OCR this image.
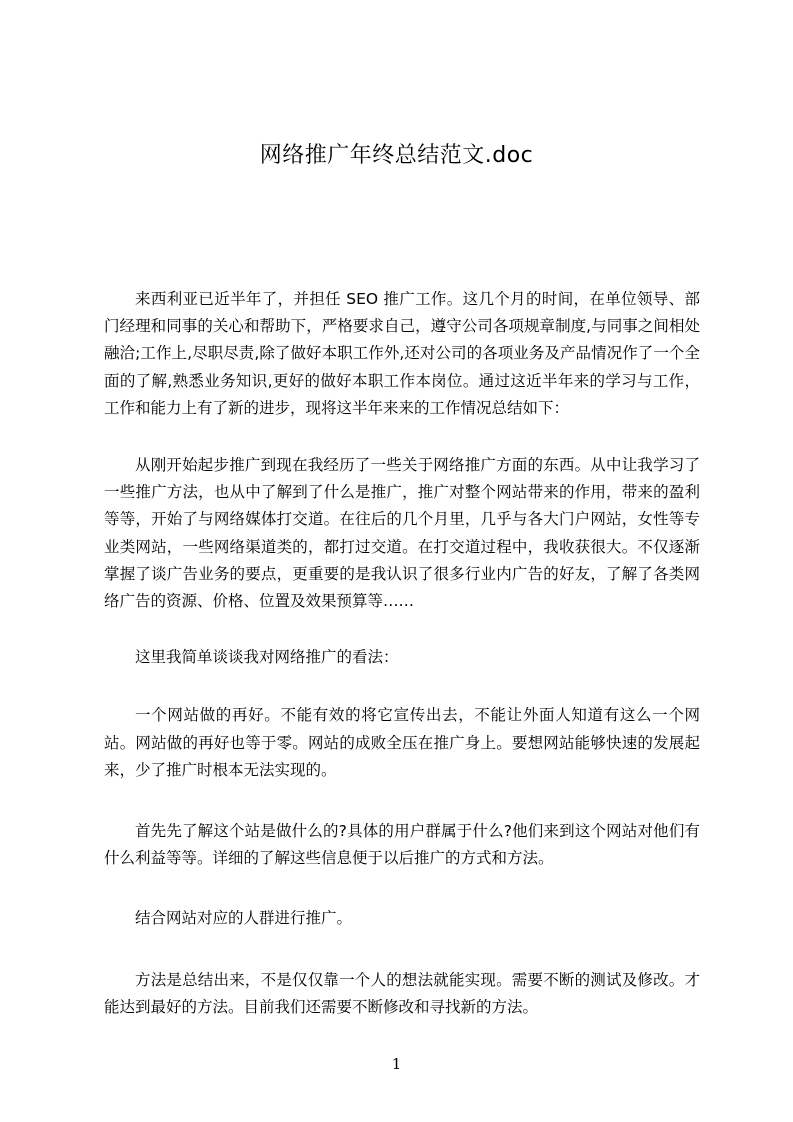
网络推广年终总结范文.doc

来西利亚已近半年了，并担任 SEO 推广工作。这几个月的时间，在单位领导、部门经理和同事的关心和帮助下，严格要求自己，遵守公司各项规章制度,与同事之间相处融洽;工作上,尽职尽责,除了做好本职工作外,还对公司的各项业务及产品情况作了一个全面的了解,熟悉业务知识,更好的做好本职工作本岗位。通过这近半年来的学习与工作，工作和能力上有了新的进步，现将这半年来来的工作情况总结如下：

从刚开始起步推广到现在我经历了一些关于网络推广方面的东西。从中让我学习了一些推广方法，也从中了解到了什么是推广，推广对整个网站带来的作用，带来的盈利等等，开始了与网络媒体打交道。在往后的几个月里，几乎与各大门户网站，女性等专业类网站，一些网络渠道类的，都打过交道。在打交道过程中，我收获很大。不仅逐渐掌握了谈广告业务的要点，更重要的是我认识了很多行业内广告的好友，了解了各类网络广告的资源、价格、位置及效果预算等……

这里我简单谈谈我对网络推广的看法：

一个网站做的再好。不能有效的将它宣传出去，不能让外面人知道有这么一个网站。网站做的再好也等于零。网站的成败全压在推广身上。要想网站能够快速的发展起来，少了推广时根本无法实现的。

首先先了解这个站是做什么的?具体的用户群属于什么?他们来到这个网站对他们有什么利益等等。详细的了解这些信息便于以后推广的方式和方法。

结合网站对应的人群进行推广。

方法是总结出来，不是仅仅靠一个人的想法就能实现。需要不断的测试及修改。才能达到最好的方法。目前我们还需要不断修改和寻找新的方法。

1
